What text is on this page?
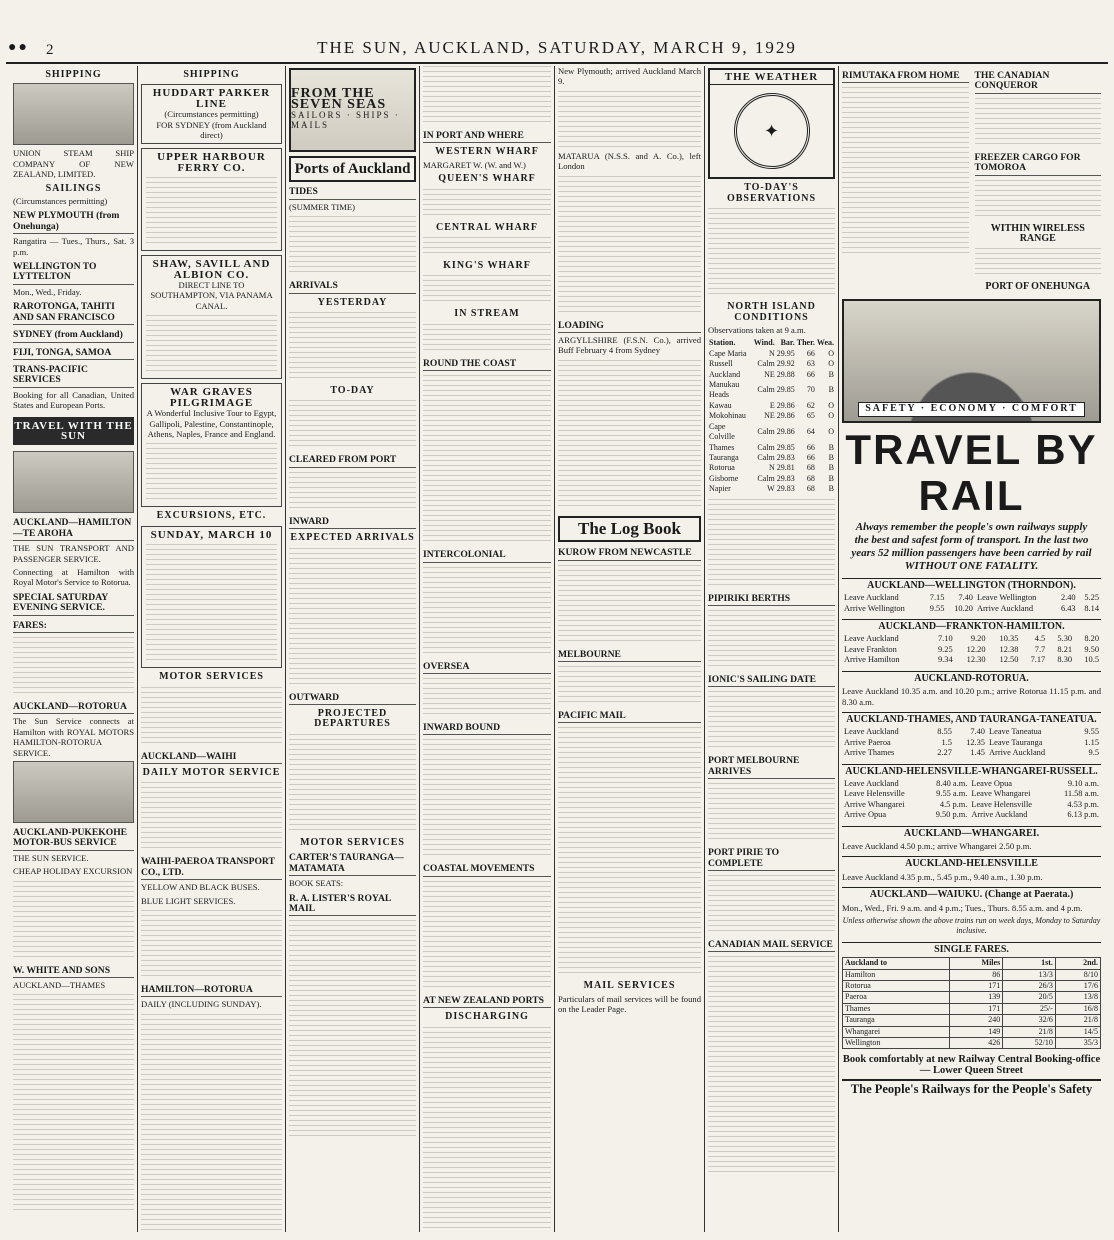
●● 2	THE SUN, AUCKLAND, SATURDAY, MARCH 9, 1929
SHIPPING

UNION STEAM SHIP COMPANY OF NEW ZEALAND, LIMITED.

SAILINGS

(Circumstances permitting)

NEW PLYMOUTH (from Onehunga)

Rangatira — Tues., Thurs., Sat. 3 p.m.

WELLINGTON TO LYTTELTON

Mon., Wed., Friday.

RAROTONGA, TAHITI AND SAN FRANCISCO
SYDNEY (from Auckland)
FIJI, TONGA, SAMOA
TRANS-PACIFIC SERVICES

Booking for all Canadian, United States and European Ports.

TRAVEL WITH THE SUN
AUCKLAND—HAMILTON—TE AROHA

THE SUN TRANSPORT AND PASSENGER SERVICE.

Connecting at Hamilton with Royal Motor's Service to Rotorua.

SPECIAL SATURDAY EVENING SERVICE.
FARES:
AUCKLAND—ROTORUA

The Sun Service connects at Hamilton with ROYAL MOTORS HAMILTON-ROTORUA SERVICE.

AUCKLAND-PUKEKOHE MOTOR-BUS SERVICE

THE SUN SERVICE.

CHEAP HOLIDAY EXCURSION

W. WHITE AND SONS

AUCKLAND—THAMES

SHIPPING
HUDDART PARKER LINE
(Circumstances permitting)
FOR SYDNEY (from Auckland direct)
UPPER HARBOUR FERRY CO.
SHAW, SAVILL AND ALBION CO.
DIRECT LINE TO SOUTHAMPTON, VIA PANAMA CANAL.
WAR GRAVES PILGRIMAGE
A Wonderful Inclusive Tour to Egypt, Gallipoli, Palestine, Constantinople, Athens, Naples, France and England.
EXCURSIONS, ETC.
SUNDAY, MARCH 10
MOTOR SERVICES
AUCKLAND—WAIHI
DAILY MOTOR SERVICE
WAIHI-PAEROA TRANSPORT CO., LTD.

YELLOW AND BLACK BUSES.

BLUE LIGHT SERVICES.

HAMILTON—ROTORUA

DAILY (INCLUDING SUNDAY).

FROM THE SEVEN SEAS
SAILORS · SHIPS · MAILS
Ports of Auckland
TIDES

(SUMMER TIME)

ARRIVALS
YESTERDAY
TO-DAY
CLEARED FROM PORT
INWARD
EXPECTED ARRIVALS
OUTWARD
PROJECTED DEPARTURES
MOTOR SERVICES
CARTER'S TAURANGA—MATAMATA

BOOK SEATS:

R. A. LISTER'S ROYAL MAIL
IN PORT AND WHERE
WESTERN WHARF

MARGARET W. (W. and W.)

QUEEN'S WHARF
CENTRAL WHARF
KING'S WHARF
IN STREAM
ROUND THE COAST
INTERCOLONIAL
OVERSEA
INWARD BOUND
COASTAL MOVEMENTS
AT NEW ZEALAND PORTS
DISCHARGING

New Plymouth; arrived Auckland March 9.

MATARUA (N.S.S. and A. Co.), left London

LOADING

ARGYLLSHIRE (F.S.N. Co.), arrived Buff February 4 from Sydney

The Log Book
KUROW FROM NEWCASTLE
MELBOURNE
PACIFIC MAIL
MAIL SERVICES

Particulars of mail services will be found on the Leader Page.

THE WEATHER
✦
TO-DAY'S OBSERVATIONS
NORTH ISLAND CONDITIONS

Observations taken at 9 a.m.

Station.	Wind.	Bar.	Ther.	Wea.
Cape Maria	N	29.95	66	O
Russell	Calm	29.92	63	O
Auckland	NE	29.88	66	B
Manukau Heads	Calm	29.85	70	B
Kawau	E	29.86	62	O
Mokohinau	NE	29.86	65	O
Cape Colville	Calm	29.86	64	O
Thames	Calm	29.85	66	B
Tauranga	Calm	29.83	66	B
Rotorua	N	29.81	68	B
Gisborne	Calm	29.83	68	B
Napier	W	29.83	68	B
PIPIRIKI BERTHS
IONIC'S SAILING DATE
PORT MELBOURNE ARRIVES
PORT PIRIE TO COMPLETE
CANADIAN MAIL SERVICE
RIMUTAKA FROM HOME	THE CANADIAN CONQUEROR
FREEZER CARGO FOR TOMOROA
WITHIN WIRELESS RANGE
PORT OF ONEHUNGA
SAFETY · ECONOMY · COMFORT
TRAVEL BY RAIL
Always remember the people's own railways supply the best and safest form of transport. In the last two years 52 million passengers have been carried by rail WITHOUT ONE FATALITY.
AUCKLAND—WELLINGTON (THORNDON).
Leave Auckland	7.15	7.40	Leave Wellington	2.40	5.25
Arrive Wellington	9.55	10.20	Arrive Auckland	6.43	8.14
AUCKLAND—FRANKTON-HAMILTON.
Leave Auckland	7.10	9.20	10.35	4.5	5.30	8.20
Leave Frankton	9.25	12.20	12.38	7.7	8.21	9.50
Arrive Hamilton	9.34	12.30	12.50	7.17	8.30	10.5
AUCKLAND-ROTORUA.

Leave Auckland 10.35 a.m. and 10.20 p.m.; arrive Rotorua 11.15 p.m. and 8.30 a.m.

AUCKLAND-THAMES, AND TAURANGA-TANEATUA.
Leave Auckland	8.55	7.40	Leave Taneatua	9.55
Arrive Paeroa	1.5	12.35	Leave Tauranga	1.15
Arrive Thames	2.27	1.45	Arrive Auckland	9.5
AUCKLAND-HELENSVILLE-WHANGAREI-RUSSELL.
Leave Auckland	8.40 a.m.	Leave Opua	9.10 a.m.
Leave Helensville	9.55 a.m.	Leave Whangarei	11.58 a.m.
Arrive Whangarei	4.5 p.m.	Leave Helensville	4.53 p.m.
Arrive Opua	9.50 p.m.	Arrive Auckland	6.13 p.m.
AUCKLAND—WHANGAREI.

Leave Auckland 4.50 p.m.; arrive Whangarei 2.50 p.m.

AUCKLAND-HELENSVILLE

Leave Auckland 4.35 p.m., 5.45 p.m., 9.40 a.m., 1.30 p.m.

AUCKLAND—WAIUKU. (Change at Paerata.)

Mon., Wed., Fri. 9 a.m. and 4 p.m.; Tues., Thurs. 8.55 a.m. and 4 p.m.

Unless otherwise shown the above trains run on week days, Monday to Saturday inclusive.
SINGLE FARES.
Auckland to	Miles	1st.	2nd.
Hamilton	86	13/3	8/10
Rotorua	171	26/3	17/6
Paeroa	139	20/5	13/8
Thames	171	25/-	16/8
Tauranga	240	32/6	21/8
Whangarei	149	21/8	14/5
Wellington	426	52/10	35/3
Book comfortably at new Railway Central Booking-office — Lower Queen Street
The People's Railways for the People's Safety
